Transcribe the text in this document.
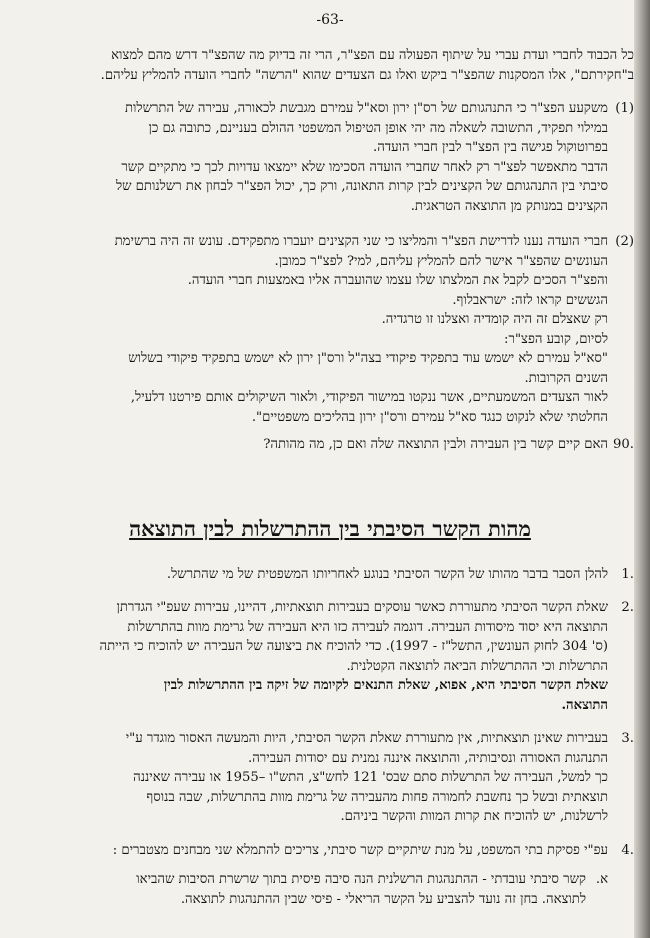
-63-

כל הכבוד לחברי ועדת עברי על שיתוף הפעולה עם הפצ"ר, הרי זה בדיוק מה שהפצ"ר דרש מהם למצוא

ב"חקירתם", אלו המסקנות שהפצ"ר ביקש ואלו גם הצעדים שהוא "הרשה" לחברי הועדה להמליץ עליהם.

(1)

משקעע הפצ"ר כי התנהגותם של רס"ן ירון וסא"ל עמירם מגבשת לכאורה, עבירה של התרשלות

במילוי תפקיד, התשובה לשאלה מה יהי אופן הטיפול המשפטי ההולם בעניינם, כתובה גם כן

בפרוטוקול פגישה בין הפצ"ר לבין חברי הועדה.

הדבר מתאפשר לפצ"ר רק לאחר שחברי הועדה הסכימו שלא יימצאו עדויות לכך כי מתקיים קשר

סיבתי בין התנהגותם של הקצינים לבין קרות התאונה, ורק כך, יכול הפצ"ר לבחון את רשלנותם של

הקצינים במנותק מן התוצאה הטראגית.

(2)

חברי הועדה נענו לדרישת הפצ"ר והמליצו כי שני הקצינים יועברו מתפקידם. עונש זה היה ברשימת

העונשים שהפצ"ר אישר להם להמליץ עליהם, למי? לפצ"ר כמובן.

והפצ"ר הסכים לקבל את המלצתו שלו עצמו שהועברה אליו באמצעות חברי הועדה.

הגששים קראו לזה: ישראבלוף.

רק שאצלם זה היה קומדיה ואצלנו זו טרגדיה.

לסיום, קובע הפצ"ר:

"סא"ל עמירם לא ישמש עוד בתפקיד פיקודי בצה"ל ורס"ן ירון לא ישמש בתפקיד פיקודי בשלוש

השנים הקרובות.

לאור הצעדים המשמעתיים, אשר ננקטו במישור הפיקודי, ולאור השיקולים אותם פירטנו דלעיל,

החלטתי שלא לנקוט כנגד סא"ל עמירם ורס"ן ירון בהליכים משפטיים".

.90

האם קיים קשר בין העבירה ולבין התוצאה שלה ואם כן, מה מהותה?

מהות הקשר הסיבתי בין ההתרשלות לבין התוצאה
.1

להלן הסבר בדבר מהותו של הקשר הסיבתי בנוגע לאחריותו המשפטית של מי שהתרשל.

.2

שאלת הקשר הסיבתי מתעוררת כאשר עוסקים בעבירות תוצאתיות, דהיינו, עבירות שעפ"י הגדרתן

התוצאה היא יסוד מיסודות העבירה. דוגמה לעבירה כזו היא העבירה של גרימת מוות בהתרשלות

(ס' 304 לחוק העונשין, התשל"ז - 1997). כדי להוכיח את ביצועה של העבירה יש להוכיח כי הייתה

התרשלות וכי ההתרשלות הביאה לתוצאה הקטלנית.

שאלת הקשר הסיבתי היא, אפוא, שאלת התנאים לקיומה של זיקה בין ההתרשלות לבין

התוצאה.

.3

בעבירות שאינן תוצאתיות, אין מתעוררת שאלת הקשר הסיבתי, היות והמעשה האסור מוגדר ע"י

התנהגות האסורה ונסיבותיה, והתוצאה איננה נמנית עם יסודות העבירה.

כך למשל, העבירה של התרשלות סתם שבס' 121 לחש"צ, התש"ו –1955 או עבירה שאיננה

תוצאתית ובשל כך נחשבת לחמורה פחות מהעבירה של גרימת מוות בהתרשלות, שבה בנוסף

לרשלנות, יש להוכיח את קרות המוות והקשר ביניהם.

.4

עפ"י פסיקת בתי המשפט, על מנת שיתקיים קשר סיבתי, צריכים להתמלא שני מבחנים מצטברים :

א.

קשר סיבתי עובדתי - ההתנהגות הרשלנית הנה סיבה פיסית בתוך שרשרת הסיבות שהביאו

לתוצאה. בחן זה נועד להצביע על הקשר הריאלי - פיסי שבין ההתנהגות לתוצאה.
